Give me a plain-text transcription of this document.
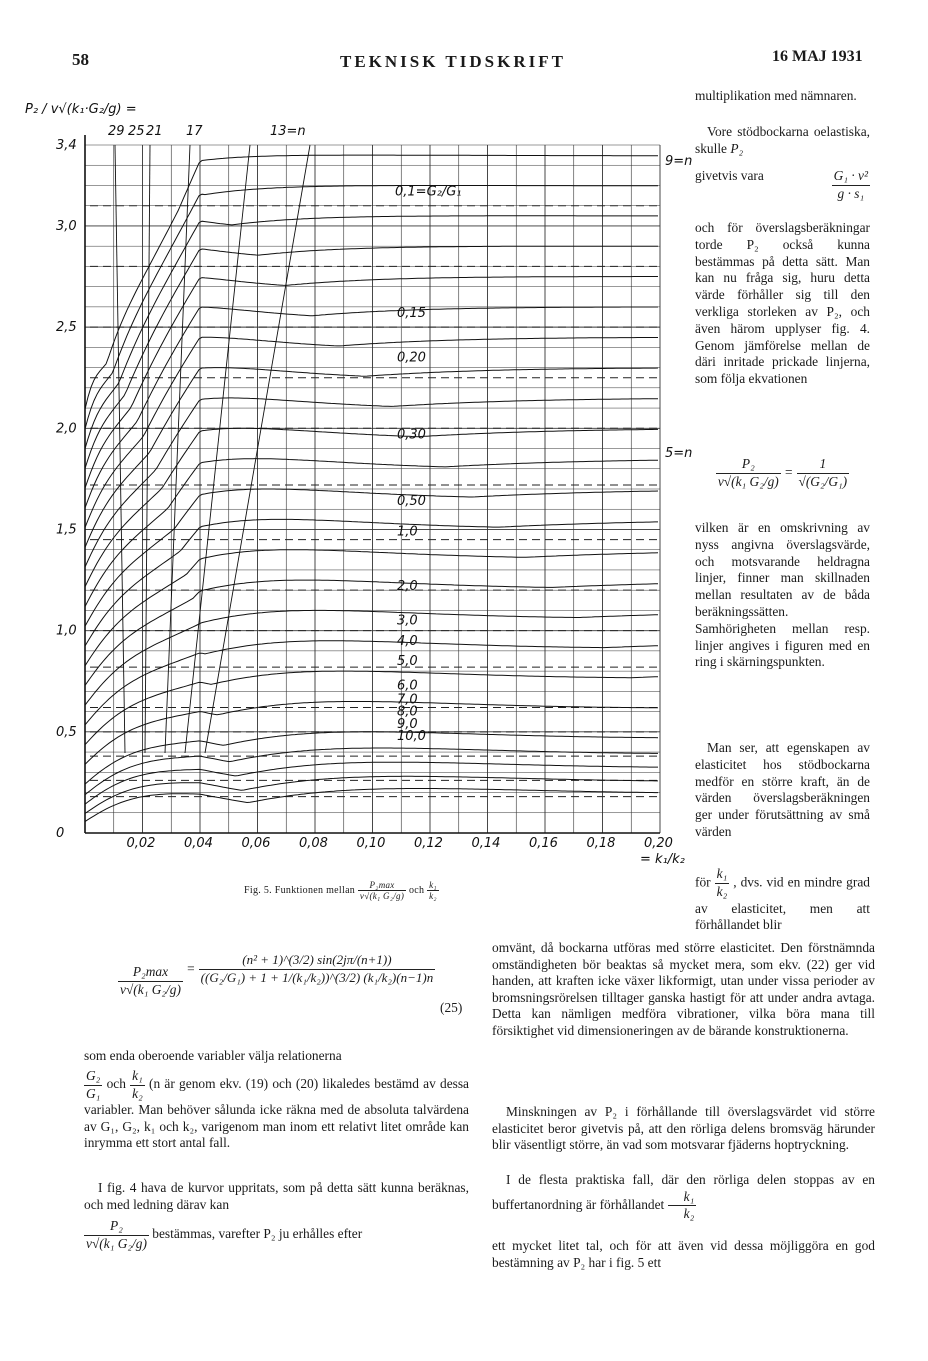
58	TEKNISK TIDSKRIFT	16 MAJ 1931
3,4
3,0
2,5
2,0
1,5
1,0
0,5
0
0,02 0,04 0,06 0,08 0,10 0,12 0,14 0,16 0,18 0,20
= k₁/k₂
P₂ / v√(k₁·G₂/g) =
29 25 21 17	13=n
9=n
5=n
0,1=G₂/G₁
0,15
0,20
0,30
0,50
1,0
2,0
3,0
4,0
5,0
6,0
7,0
8,0
9,0
10,0
Fig. 5. Funktionen mellan $\frac{\text{P₂max}}{\text{v√(k₁ G₂/g)}}$ och $\frac{\text{k₁}}{\text{k₂}}$
multiplikation med nämnaren.
Vore stödbockarna oelastiska, skulle P₂
givetvis vara	$\frac{\text{G₁ · v²}}{\text{g · s₁}}$
och för överslagsberäkningar torde P₂ också kunna bestämmas på detta sätt. Man kan nu fråga sig, huru detta värde förhåller sig till den verkliga storleken av P₂, och även härom upplyser fig. 4. Genom jämförelse mellan de däri inritade prickade linjerna, som följa ekvationen
$\frac{\text{P₂}}{\text{v√(k₁ G₂/g)}} = \frac{1}{\text{√(G₂/G₁)}}$
vilken är en omskrivning av nyss angivna överslagsvärde, och motsvarande heldragna linjer, finner man skillnaden mellan resultaten av de båda beräkningssätten. Samhörigheten mellan resp. linjer angives i figuren med en ring i skärningspunkten.
Man ser, att egenskapen av elasticitet hos stödbockarna medför en större kraft, än de värden överslagsberäkningen ger under förutsättning av små värden
för $\frac{\text{k₁}}{\text{k₂}}$ , dvs. vid en mindre grad av elasticitet, men att förhållandet blir
$\frac{\text{P₂max}}{\text{v√(k₁ G₂/g)}} = \frac{\text{(n² + 1)\textasciicircum{}(3/2) sin(2jπ/(n+1))}}{\text{((G₂/G₁) + 1 + 1/(k₁/k₂))\textasciicircum{}(3/2) (k₁/k₂)(n−1)n}}$
(25)
som enda oberoende variabler välja relationerna
$\frac{\text{G₂}}{\text{G₁}}$ och $\frac{\text{k₁}}{\text{k₂}} (n$ är genom ekv. (19) och (20) likaledes bestämd av dessa variabler. Man behöver sålunda icke räkna med de absoluta talvärdena av G₁, G₂, k₁ och k₂, varigenom man inom ett relativt litet område kan inrymma ett stort antal fall.
I fig. 4 hava de kurvor uppritats, som på detta sätt kunna beräknas, och med ledning därav kan
$\frac{\text{P₂}}{\text{v√(k₁ G₂/g)}}$ bestämmas, varefter P₂ ju erhålles efter
omvänt, då bockarna utföras med större elasticitet. Den förstnämnda omständigheten bör beaktas så mycket mera, som ekv. (22) ger vid handen, att kraften icke växer likformigt, utan under vissa perioder av bromsningsrörelsen tilltager ganska hastigt för att under andra avtaga. Detta kan nämligen medföra vibrationer, vilka böra mana till försiktighet vid dimensioneringen av de bärande konstruktionerna.
Minskningen av P₂ i förhållande till överslagsvärdet vid större elasticitet beror givetvis på, att den rörliga delens bromsväg härunder blir väsentligt större, än vad som motsvarar fjäderns hoptryckning.
I de flesta praktiska fall, där den rörliga delen stoppas av en buffertanordning är förhållandet $\frac{\text{k₁}}{\text{k₂}}$
ett mycket litet tal, och för att även vid dessa möjliggöra en god bestämning av P₂ har i fig. 5 ett
